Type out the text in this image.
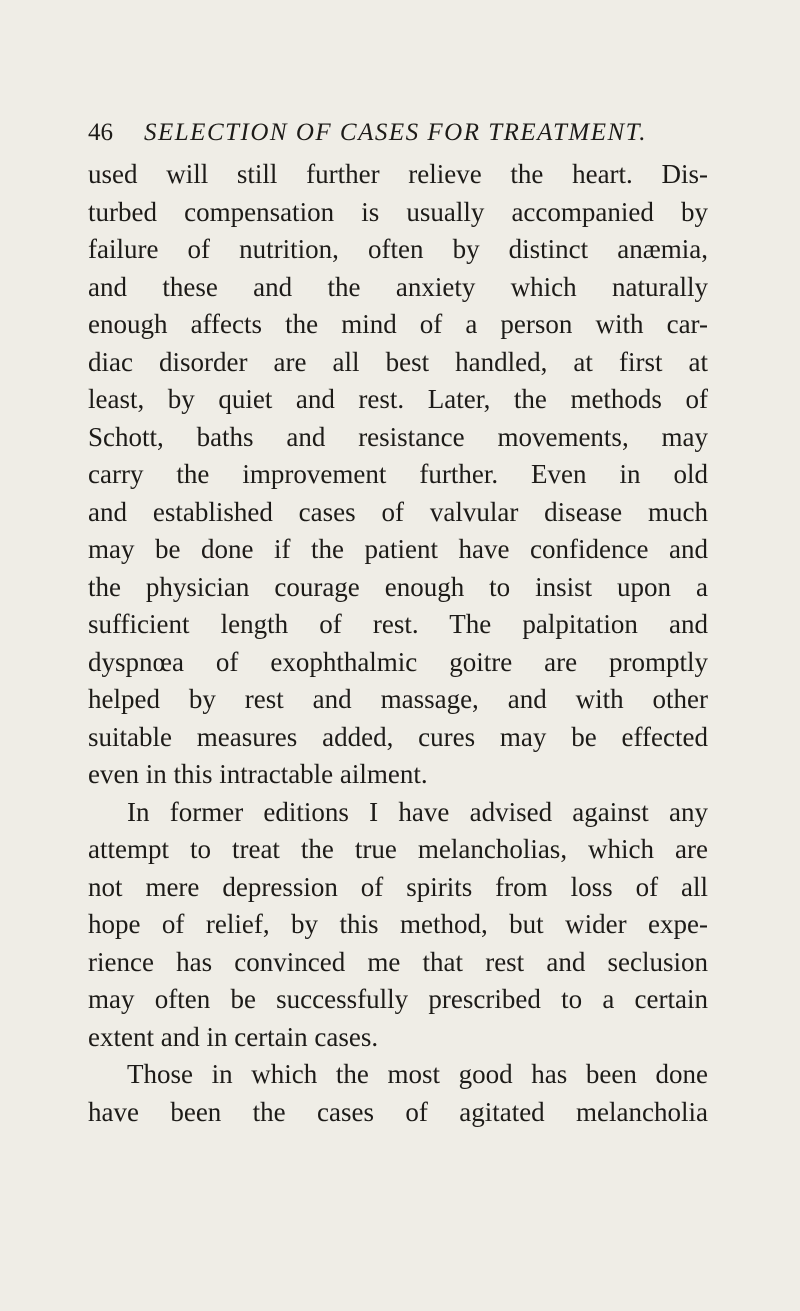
46 SELECTION OF CASES FOR TREATMENT.
used will still further relieve the heart. Dis-
turbed compensation is usually accompanied by
failure of nutrition, often by distinct anæmia,
and these and the anxiety which naturally
enough affects the mind of a person with car-
diac disorder are all best handled, at first at
least, by quiet and rest. Later, the methods of
Schott, baths and resistance movements, may
carry the improvement further. Even in old
and established cases of valvular disease much
may be done if the patient have confidence and
the physician courage enough to insist upon a
sufficient length of rest. The palpitation and
dyspnœa of exophthalmic goitre are promptly
helped by rest and massage, and with other
suitable measures added, cures may be effected
even in this intractable ailment.
In former editions I have advised against any
attempt to treat the true melancholias, which are
not mere depression of spirits from loss of all
hope of relief, by this method, but wider expe-
rience has convinced me that rest and seclusion
may often be successfully prescribed to a certain
extent and in certain cases.
Those in which the most good has been done
have been the cases of agitated melancholia
